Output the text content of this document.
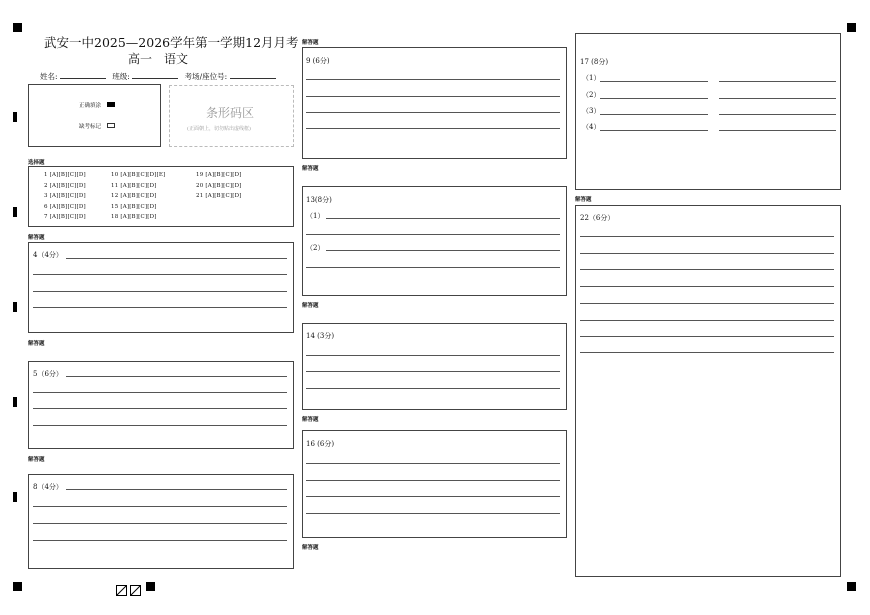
武安一中2025—2026学年第一学期12月月考
高一　语文
姓名:	班级:	考场/座位号:
正确填涂
缺考标记
条形码区
(正面朝上，切勿贴出虚线框)
选择题
1 [A][B][C][D]
2 [A][B][C][D]
3 [A][B][C][D]
6 [A][B][C][D]
7 [A][B][C][D]
10 [A][B][C][D][E]
11 [A][B][C][D]
12 [A][B][C][D]
15 [A][B][C][D]
18 [A][B][C][D]
19 [A][B][C][D]
20 [A][B][C][D]
21 [A][B][C][D]
解答题
4（4分）
解答题
5（6分）
解答题
8（4分）
解答题
9 (6分)
解答题
13(8分)
（1）
（2）
解答题
14 (3分)
解答题
16 (6分)
解答题
17 (8分)
（1）
（2）
（3）
（4）
解答题
22（6分）
